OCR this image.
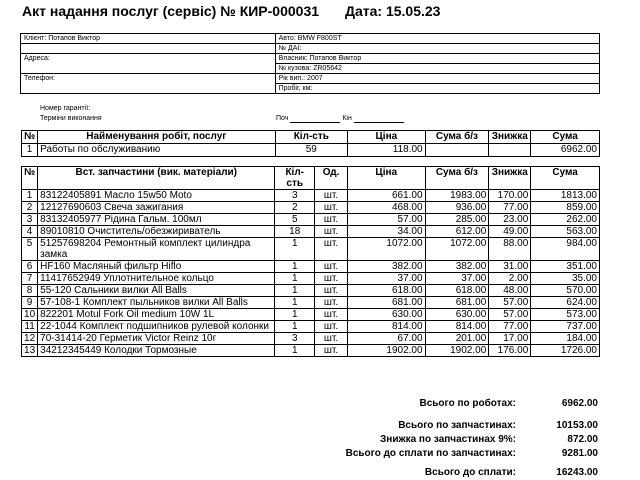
Акт надання послуг (сервіс) № КИР-000031 Дата: 15.05.23
Клієнт: Потапов Виктор	Авто: BMW F800ST
	№ ДАІ:
Адреса:	Власник: Потапов Виктор
	№ кузова: ZR05642
Телефон:	Рік вип.: 2007
	Пробіг, км:
Номер гарантії:
Терміни виконання	Поч	Кін
№	Найменування робіт, послуг	Кіл-сть	Ціна	Сума б/з	Знижка	Сума
1	Работы по обслуживанию	59	118.00			6962.00
№	Вст. запчастини (вик. матеріали)	Кіл-сть	Од.	Ціна	Сума б/з	Знижка	Сума
1	83122405891 Масло 15w50 Moto	3	шт.	661.00	1983.00	170.00	1813.00
2	12127690603 Свеча зажигания	2	шт.	468.00	936.00	77.00	859.00
3	83132405977 Рідина Гальм. 100мл	5	шт.	57.00	285.00	23.00	262.00
4	89010810 Очиститель/обезжириватель	18	шт.	34.00	612.00	49.00	563.00
5	51257698204 Ремонтный комплект цилиндра замка	1	шт.	1072.00	1072.00	88.00	984.00
6	HF160 Масляный фильтр Hiflo	1	шт.	382.00	382.00	31.00	351.00
7	11417652949 Уплотнительное кольцо	1	шт.	37.00	37.00	2.00	35.00
8	55-120 Сальники вилки All Balls	1	шт.	618.00	618.00	48.00	570.00
9	57-108-1 Комплект пыльников вилки All Balls	1	шт.	681.00	681.00	57.00	624.00
10	822201 Motul Fork Oil medium 10W 1L	1	шт.	630.00	630.00	57.00	573.00
11	22-1044 Комплект подшипников рулевой колонки	1	шт.	814.00	814.00	77.00	737.00
12	70-31414-20 Герметик Victor Reinz 10г	3	шт.	67.00	201.00	17.00	184.00
13	34212345449 Колодки Тормозные	1	шт.	1902.00	1902.00	176.00	1726.00
Всього по роботах:	6962.00
Всього по запчастинах:	10153.00
Знижка по запчастинах 9%:	872.00
Всього до сплати по запчастинах:	9281.00
Всього до сплати:	16243.00
